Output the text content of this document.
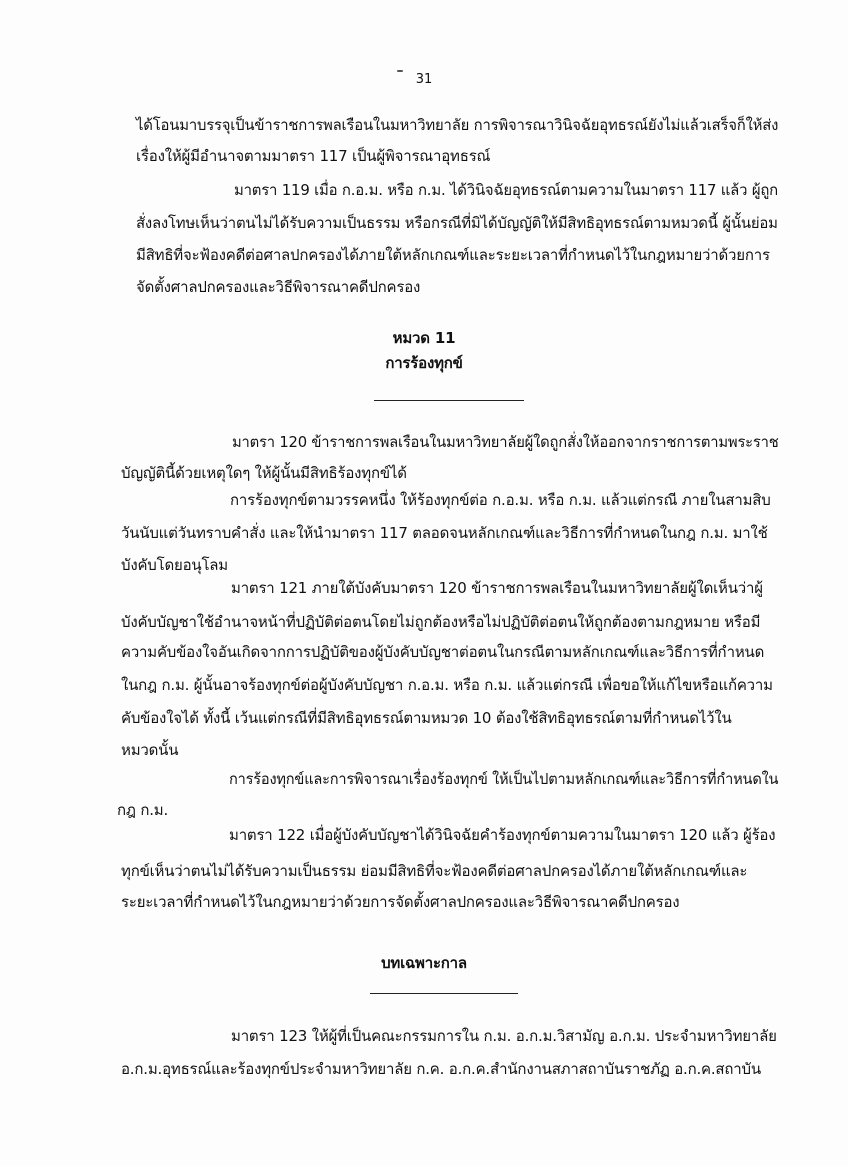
31
ได้โอนมาบรรจุเป็นข้าราชการพลเรือนในมหาวิทยาลัย การพิจารณาวินิจฉัยอุทธรณ์ยังไม่แล้วเสร็จก็ให้ส่ง
เรื่องให้ผู้มีอำนาจตามมาตรา 117 เป็นผู้พิจารณาอุทธรณ์
มาตรา 119 เมื่อ ก.อ.ม. หรือ ก.ม. ได้วินิจฉัยอุทธรณ์ตามความในมาตรา 117 แล้ว ผู้ถูก
สั่งลงโทษเห็นว่าตนไม่ได้รับความเป็นธรรม หรือกรณีที่มิได้บัญญัติให้มีสิทธิอุทธรณ์ตามหมวดนี้ ผู้นั้นย่อม
มีสิทธิที่จะฟ้องคดีต่อศาลปกครองได้ภายใต้หลักเกณฑ์และระยะเวลาที่กำหนดไว้ในกฎหมายว่าด้วยการ
จัดตั้งศาลปกครองและวิธีพิจารณาคดีปกครอง
หมวด 11
การร้องทุกข์
มาตรา 120 ข้าราชการพลเรือนในมหาวิทยาลัยผู้ใดถูกสั่งให้ออกจากราชการตามพระราช
บัญญัตินี้ด้วยเหตุใดๆ ให้ผู้นั้นมีสิทธิร้องทุกข์ได้
การร้องทุกข์ตามวรรคหนึ่ง ให้ร้องทุกข์ต่อ ก.อ.ม. หรือ ก.ม. แล้วแต่กรณี ภายในสามสิบ
วันนับแต่วันทราบคำสั่ง และให้นำมาตรา 117 ตลอดจนหลักเกณฑ์และวิธีการที่กำหนดในกฎ ก.ม. มาใช้
บังคับโดยอนุโลม
มาตรา 121 ภายใต้บังคับมาตรา 120 ข้าราชการพลเรือนในมหาวิทยาลัยผู้ใดเห็นว่าผู้
บังคับบัญชาใช้อำนาจหน้าที่ปฏิบัติต่อตนโดยไม่ถูกต้องหรือไม่ปฏิบัติต่อตนให้ถูกต้องตามกฎหมาย หรือมี
ความคับข้องใจอันเกิดจากการปฏิบัติของผู้บังคับบัญชาต่อตนในกรณีตามหลักเกณฑ์และวิธีการที่กำหนด
ในกฎ ก.ม. ผู้นั้นอาจร้องทุกข์ต่อผู้บังคับบัญชา ก.อ.ม. หรือ ก.ม. แล้วแต่กรณี เพื่อขอให้แก้ไขหรือแก้ความ
คับข้องใจได้ ทั้งนี้ เว้นแต่กรณีที่มีสิทธิอุทธรณ์ตามหมวด 10 ต้องใช้สิทธิอุทธรณ์ตามที่กำหนดไว้ใน
หมวดนั้น
การร้องทุกข์และการพิจารณาเรื่องร้องทุกข์ ให้เป็นไปตามหลักเกณฑ์และวิธีการที่กำหนดใน
กฎ ก.ม.
มาตรา 122 เมื่อผู้บังคับบัญชาได้วินิจฉัยคำร้องทุกข์ตามความในมาตรา 120 แล้ว ผู้ร้อง
ทุกข์เห็นว่าตนไม่ได้รับความเป็นธรรม ย่อมมีสิทธิที่จะฟ้องคดีต่อศาลปกครองได้ภายใต้หลักเกณฑ์และ
ระยะเวลาที่กำหนดไว้ในกฎหมายว่าด้วยการจัดตั้งศาลปกครองและวิธีพิจารณาคดีปกครอง
บทเฉพาะกาล
มาตรา 123 ให้ผู้ที่เป็นคณะกรรมการใน ก.ม. อ.ก.ม.วิสามัญ อ.ก.ม. ประจำมหาวิทยาลัย
อ.ก.ม.อุทธรณ์และร้องทุกข์ประจำมหาวิทยาลัย ก.ค. อ.ก.ค.สำนักงานสภาสถาบันราชภัฏ อ.ก.ค.สถาบัน
